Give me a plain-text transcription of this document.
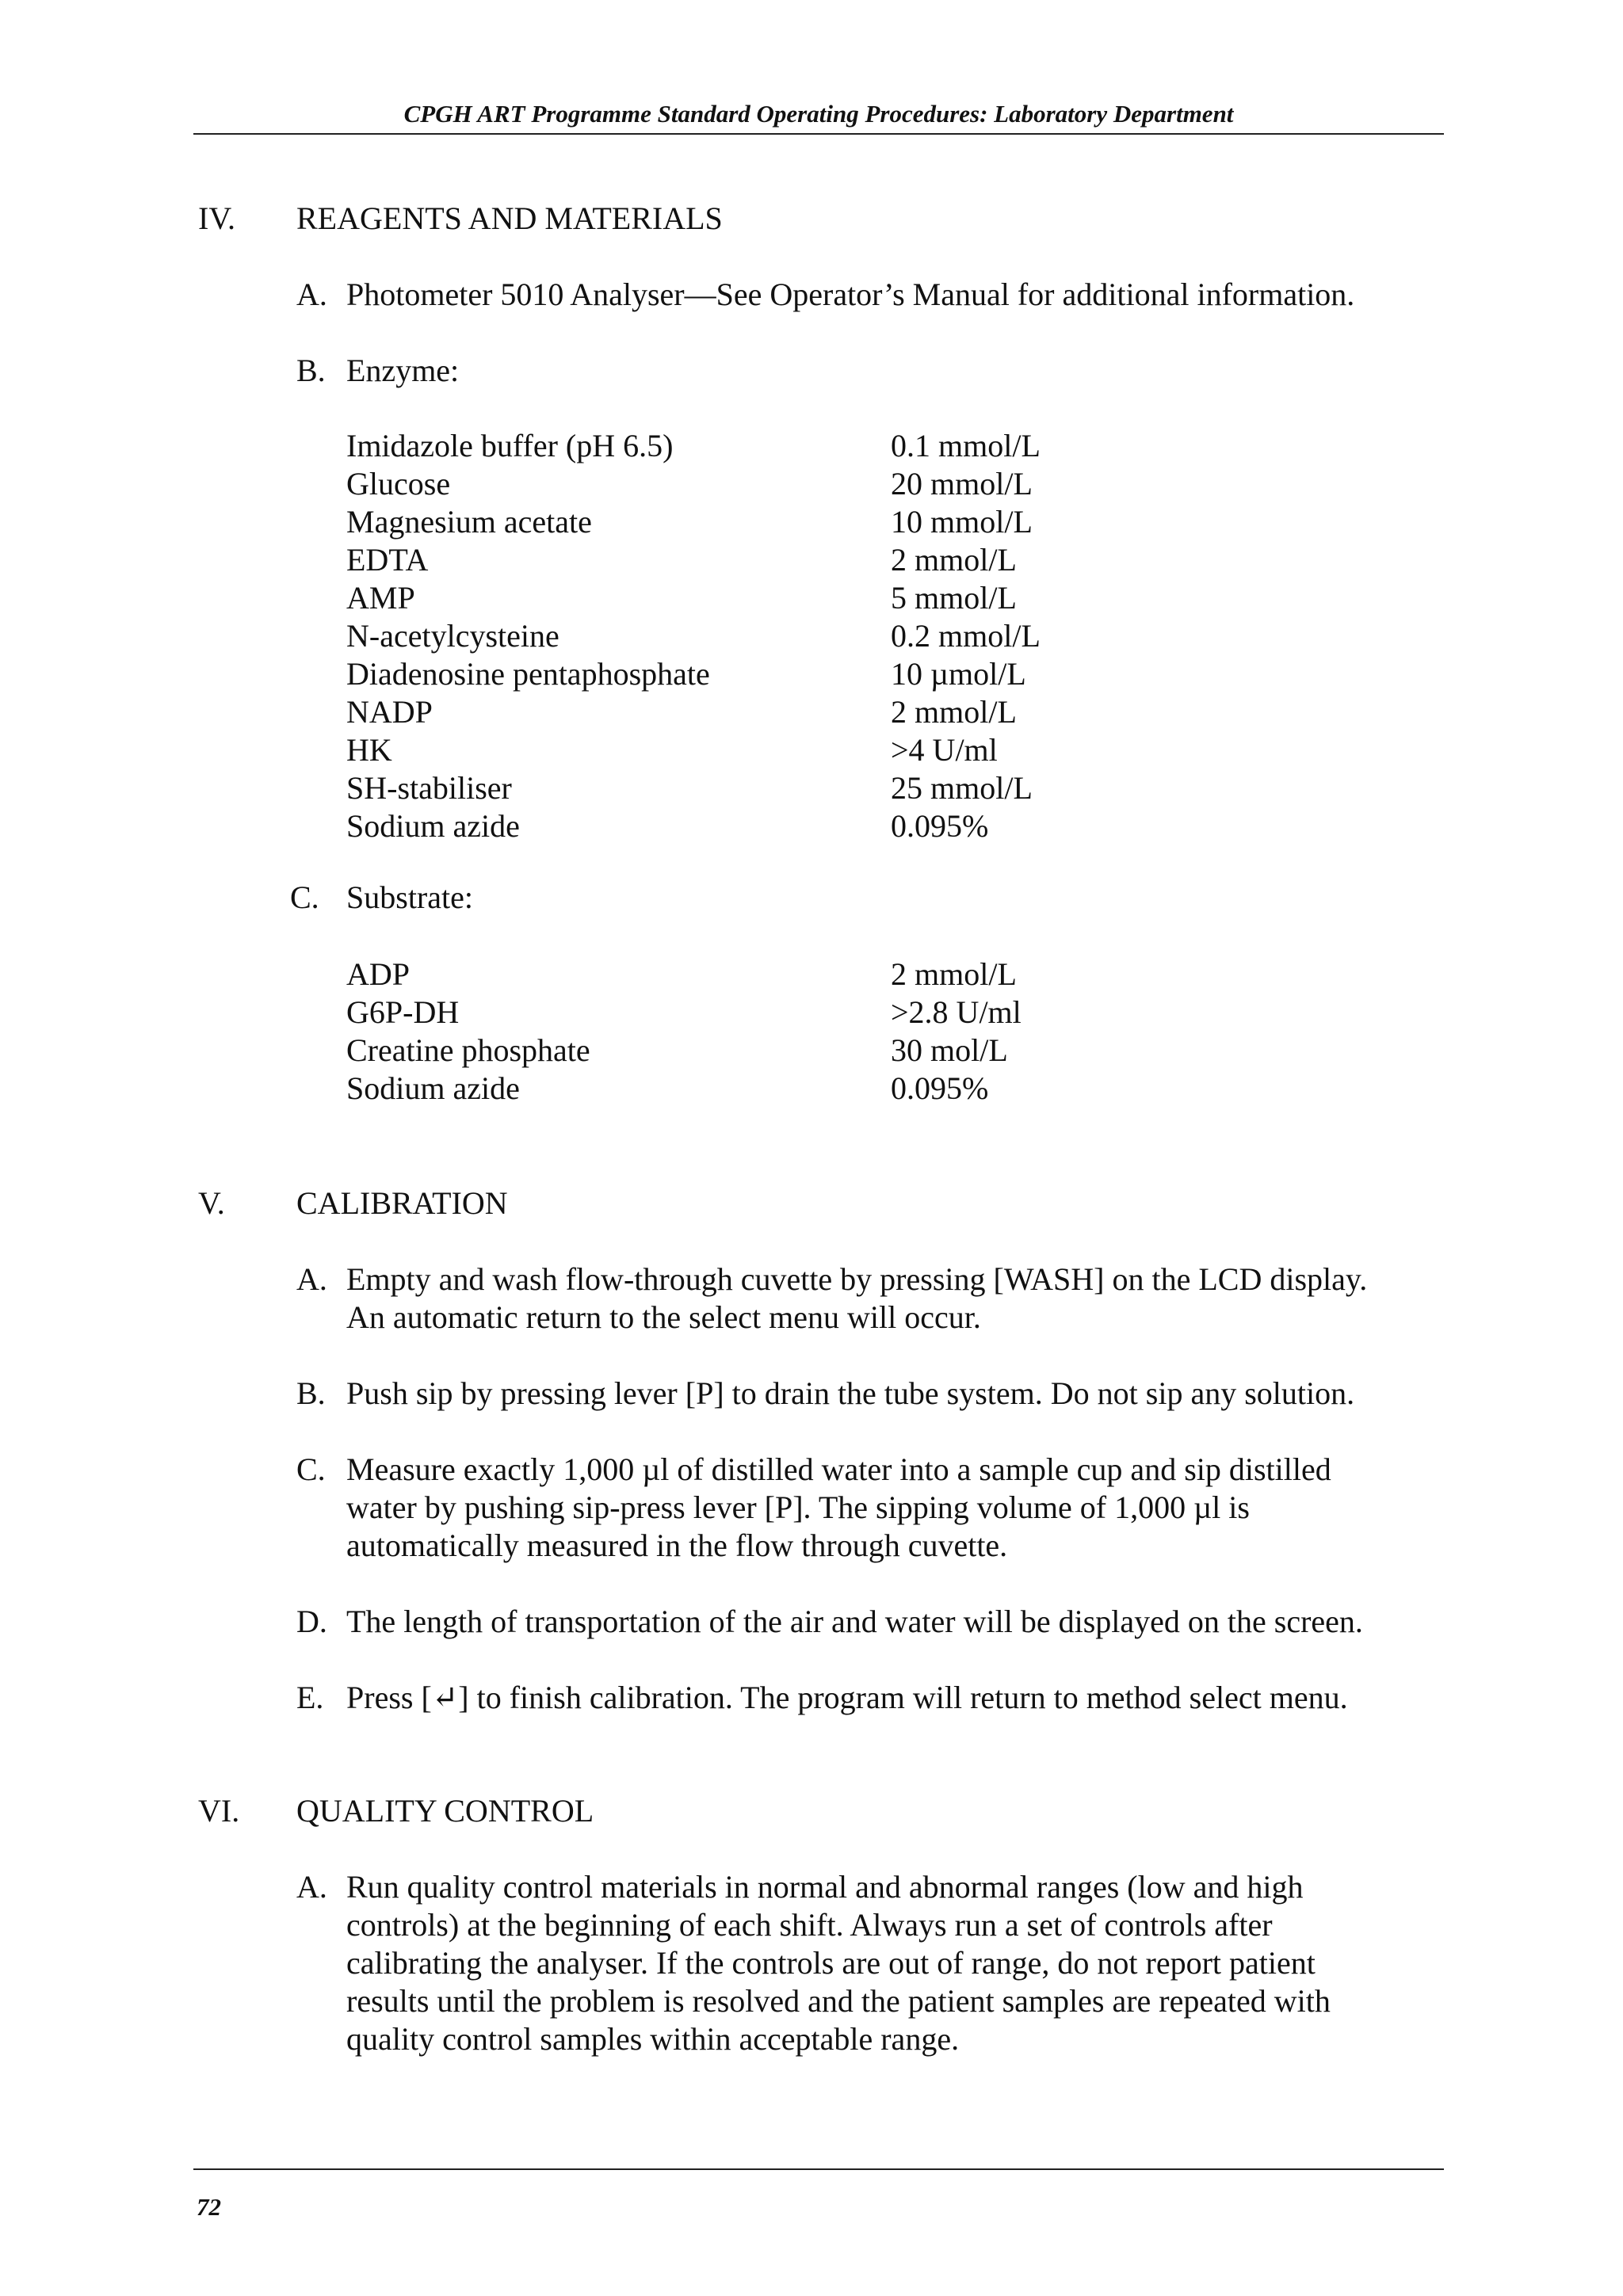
CPGH ART Programme Standard Operating Procedures: Laboratory Department
IV. REAGENTS AND MATERIALS
A. Photometer 5010 Analyser—See Operator’s Manual for additional information.
B. Enzyme:
Imidazole buffer (pH 6.5)	0.1 mmol/L
Glucose	20 mmol/L
Magnesium acetate	10 mmol/L
EDTA	2 mmol/L
AMP	5 mmol/L
N-acetylcysteine	0.2 mmol/L
Diadenosine pentaphosphate	10 µmol/L
NADP	2 mmol/L
HK	>4 U/ml
SH-stabiliser	25 mmol/L
Sodium azide	0.095%
C. Substrate:
ADP	2 mmol/L
G6P-DH	>2.8 U/ml
Creatine phosphate	30 mol/L
Sodium azide	0.095%
V. CALIBRATION
A. Empty and wash flow-through cuvette by pressing [WASH] on the LCD display.

An automatic return to the select menu will occur.

B. Push sip by pressing lever [P] to drain the tube system. Do not sip any solution.

C. Measure exactly 1,000 µl of distilled water into a sample cup and sip distilled

water by pushing sip-press lever [P]. The sipping volume of 1,000 µl is

automatically measured in the flow through cuvette.

D. The length of transportation of the air and water will be displayed on the screen.

E. Press [↵] to finish calibration. The program will return to method select menu.

VI. QUALITY CONTROL
A. Run quality control materials in normal and abnormal ranges (low and high

controls) at the beginning of each shift. Always run a set of controls after

calibrating the analyser. If the controls are out of range, do not report patient

results until the problem is resolved and the patient samples are repeated with

quality control samples within acceptable range.

72
